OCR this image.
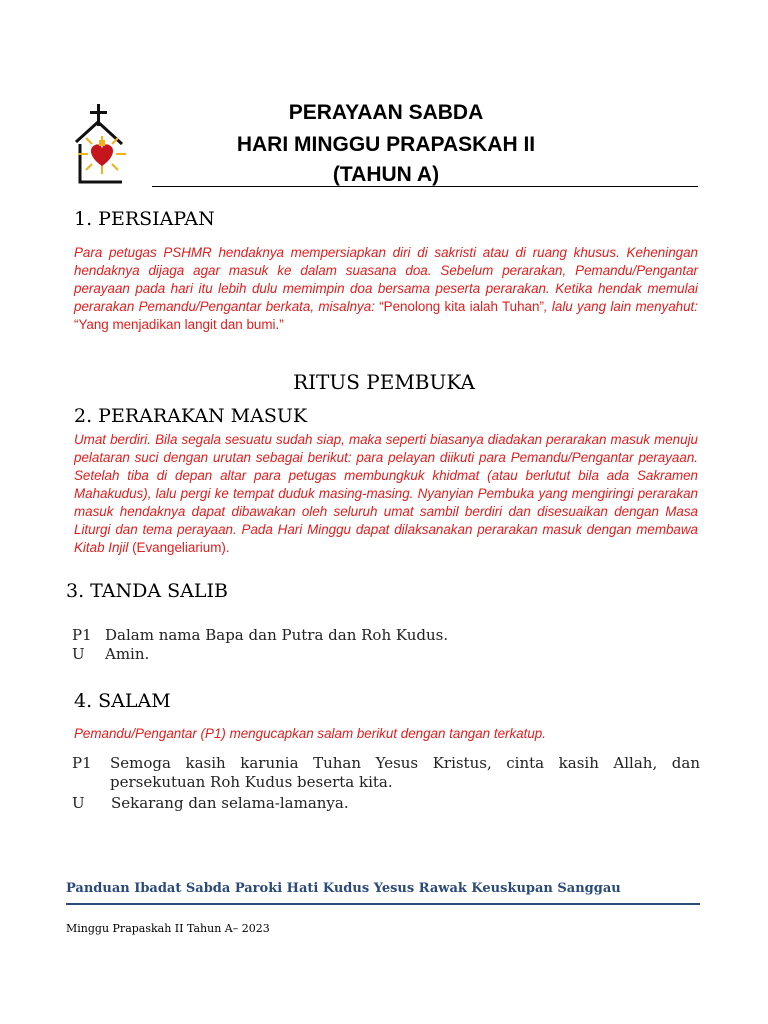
PERAYAAN SABDA
HARI MINGGU PRAPASKAH II
(TAHUN A)
1. PERSIAPAN
Para petugas PSHMR hendaknya mempersiapkan diri di sakristi atau di ruang khusus. Keheningan hendaknya dijaga agar masuk ke dalam suasana doa. Sebelum perarakan, Pemandu/Pengantar perayaan pada hari itu lebih dulu memimpin doa bersama peserta perarakan. Ketika hendak memulai perarakan Pemandu/Pengantar berkata, misalnya: “Penolong kita ialah Tuhan”, lalu yang lain menyahut: “Yang menjadikan langit dan bumi.”
RITUS PEMBUKA
2. PERARAKAN MASUK
Umat berdiri. Bila segala sesuatu sudah siap, maka seperti biasanya diadakan perarakan masuk menuju pelataran suci dengan urutan sebagai berikut: para pelayan diikuti para Pemandu/Pengantar perayaan. Setelah tiba di depan altar para petugas membungkuk khidmat (atau berlutut bila ada Sakramen Mahakudus), lalu pergi ke tempat duduk masing-masing. Nyanyian Pembuka yang mengiringi perarakan masuk hendaknya dapat dibawakan oleh seluruh umat sambil berdiri dan disesuaikan dengan Masa Liturgi dan tema perayaan. Pada Hari Minggu dapat dilaksanakan perarakan masuk dengan membawa Kitab Injil (Evangeliarium).
3. TANDA SALIB
P1 Dalam nama Bapa dan Putra dan Roh Kudus.
U Amin.
4. SALAM
Pemandu/Pengantar (P1) mengucapkan salam berikut dengan tangan terkatup.
P1	Semoga kasih karunia Tuhan Yesus Kristus, cinta kasih Allah, dan persekutuan Roh Kudus beserta kita.
U Sekarang dan selama-lamanya.
Panduan Ibadat Sabda Paroki Hati Kudus Yesus Rawak Keuskupan Sanggau
Minggu Prapaskah II Tahun A– 2023
